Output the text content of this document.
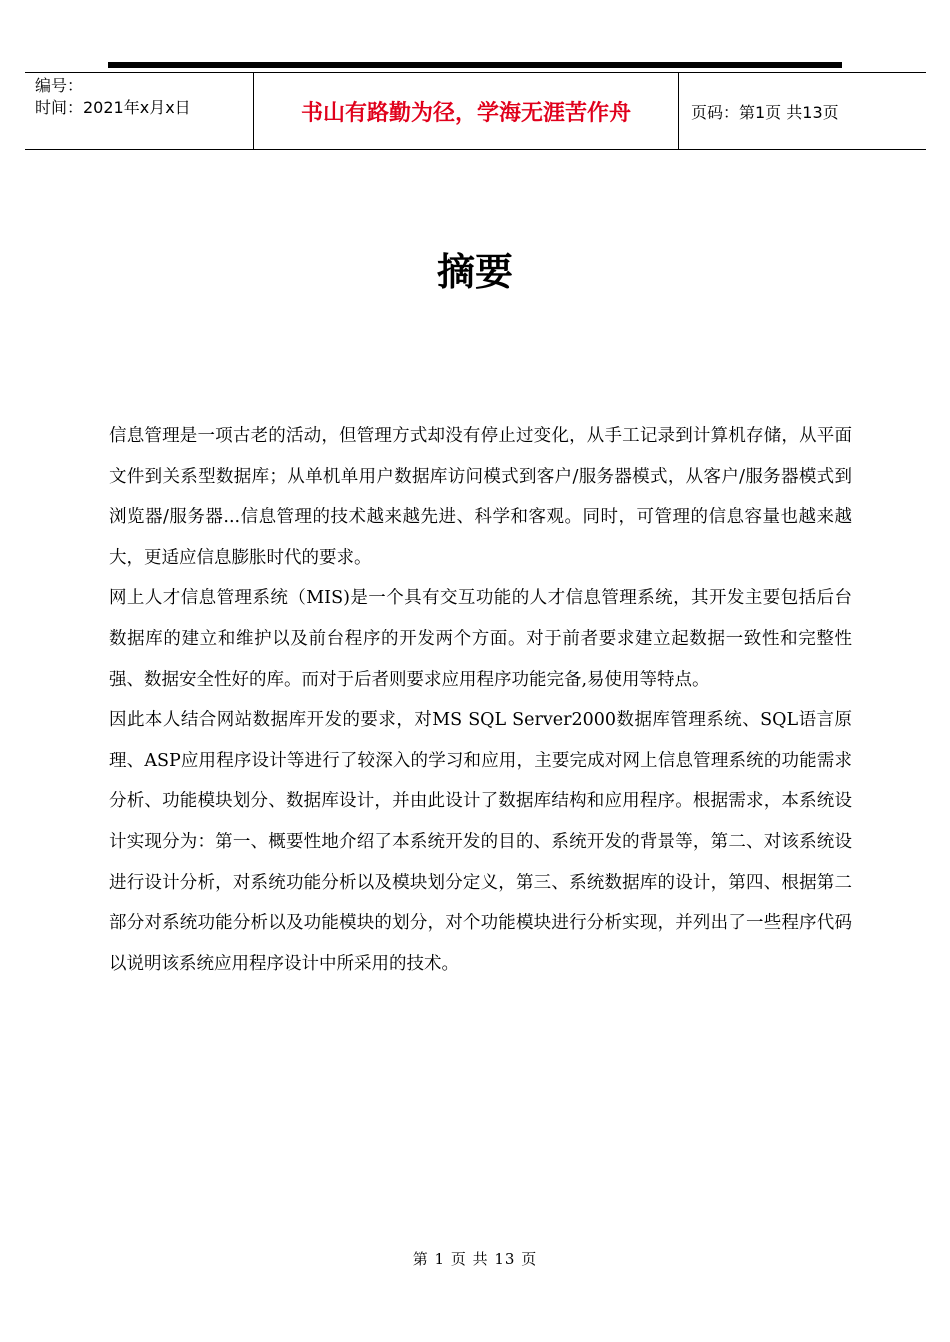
编号：
时间：2021年x月x日	书山有路勤为径，学海无涯苦作舟	页码：第1页 共13页
摘要

信息管理是一项古老的活动，但管理方式却没有停止过变化，从手工记录到计算机存储，从平面文件到关系型数据库；从单机单用户数据库访问模式到客户/服务器模式，从客户/服务器模式到浏览器/服务器...信息管理的技术越来越先进、科学和客观。同时，可管理的信息容量也越来越大，更适应信息膨胀时代的要求。

网上人才信息管理系统（MIS)是一个具有交互功能的人才信息管理系统，其开发主要包括后台数据库的建立和维护以及前台程序的开发两个方面。对于前者要求建立起数据一致性和完整性强、数据安全性好的库。而对于后者则要求应用程序功能完备,易使用等特点。

因此本人结合网站数据库开发的要求，对MS SQL Server2000数据库管理系统、SQL语言原理、ASP应用程序设计等进行了较深入的学习和应用，主要完成对网上信息管理系统的功能需求分析、功能模块划分、数据库设计，并由此设计了数据库结构和应用程序。根据需求，本系统设计实现分为：第一、概要性地介绍了本系统开发的目的、系统开发的背景等，第二、对该系统设进行设计分析，对系统功能分析以及模块划分定义，第三、系统数据库的设计，第四、根据第二部分对系统功能分析以及功能模块的划分，对个功能模块进行分析实现，并列出了一些程序代码以说明该系统应用程序设计中所采用的技术。

第 1 页 共 13 页
